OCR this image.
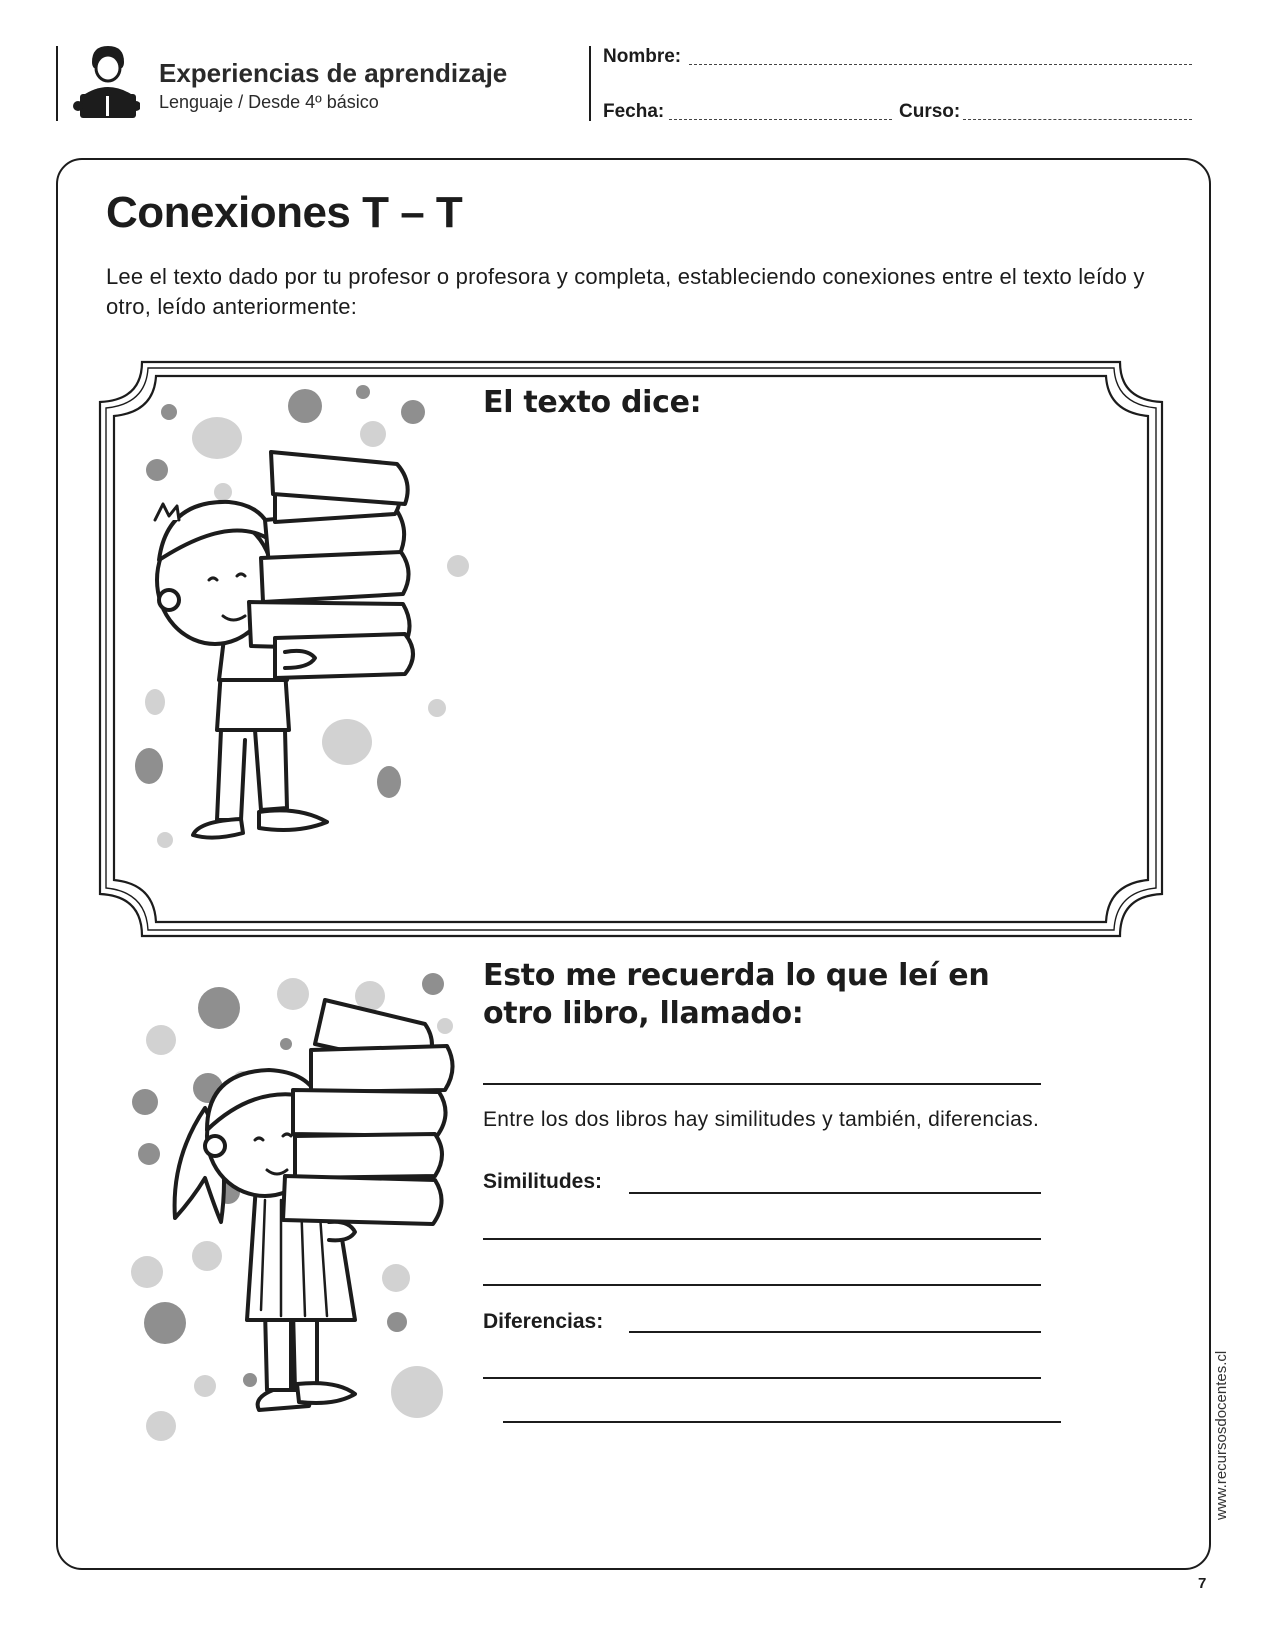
Experiencias de aprendizaje
Lenguaje / Desde 4º básico
Nombre:
Fecha:	Curso:
Conexiones T – T
Lee el texto dado por tu profesor o profesora y completa, estableciendo conexiones entre el texto leído y otro, leído anteriormente:
El texto dice:
Esto me recuerda lo que leí en otro libro, llamado:
Entre los dos libros hay similitudes y también, diferencias.
Similitudes:
Diferencias:
www.recursosdocentes.cl
7
